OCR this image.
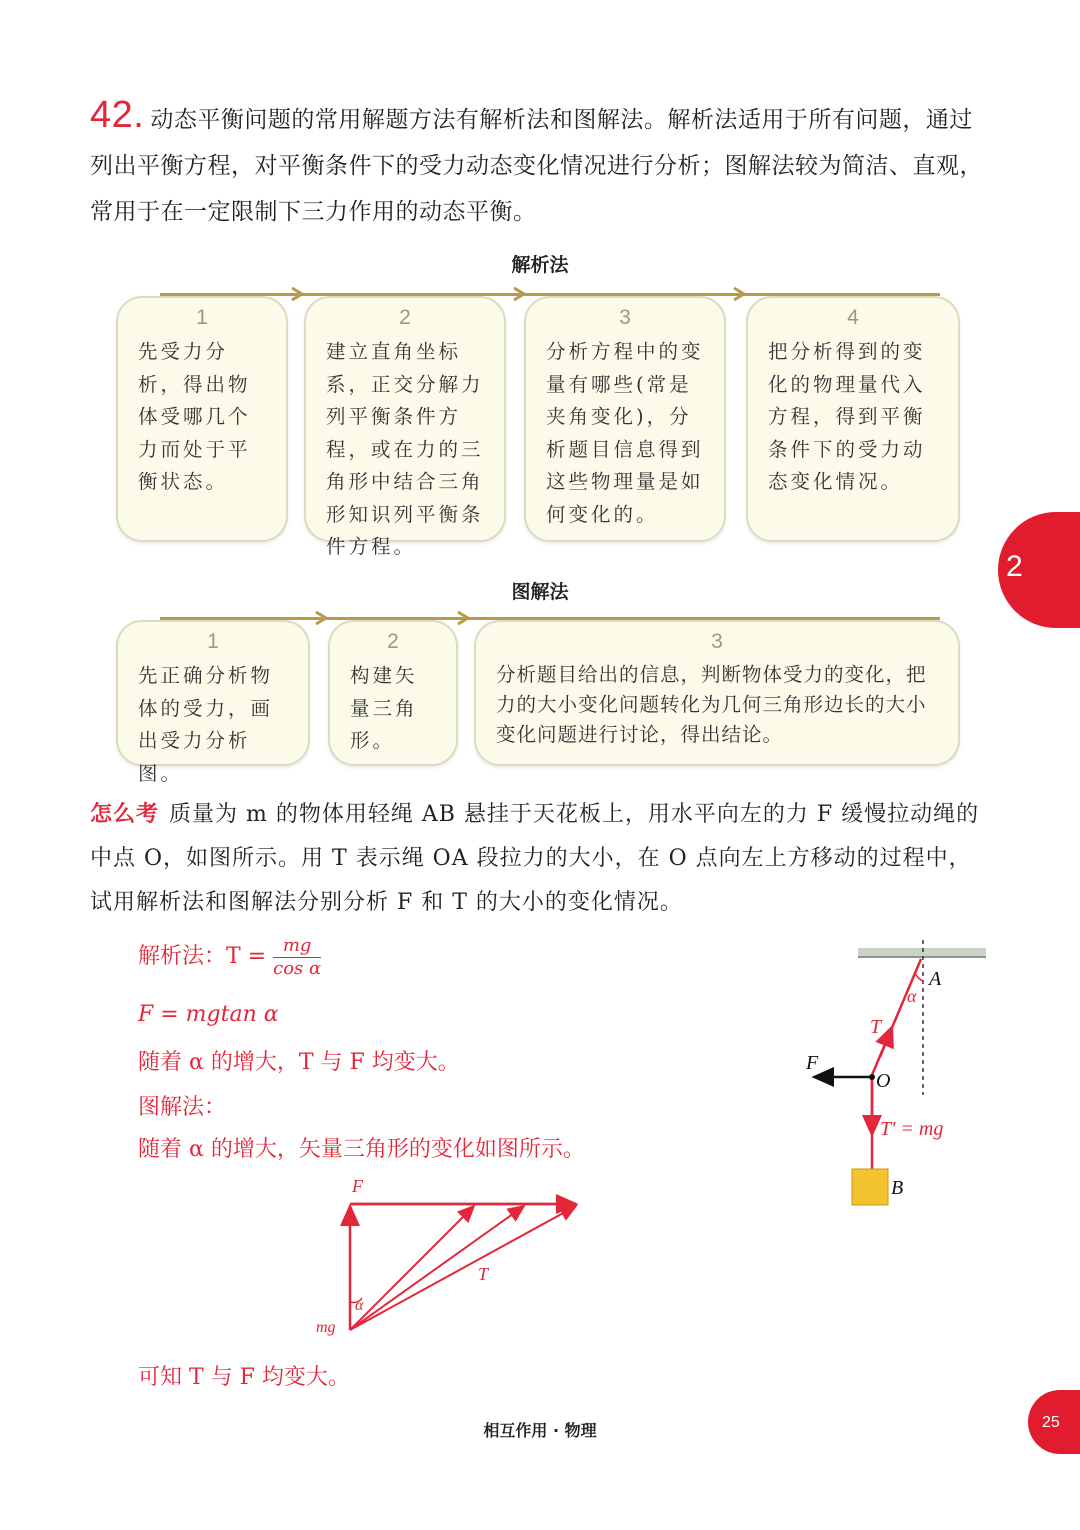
42. 动态平衡问题的常用解题方法有解析法和图解法。解析法适用于所有问题，通过列出平衡方程，对平衡条件下的受力动态变化情况进行分析；图解法较为简洁、直观，常用于在一定限制下三力作用的动态平衡。
解析法
1
先受力分析，得出物体受哪几个力而处于平衡状态。
2
建立直角坐标系，正交分解力列平衡条件方程，或在力的三角形中结合三角形知识列平衡条件方程。
3
分析方程中的变量有哪些(常是夹角变化)，分析题目信息得到这些物理量是如何变化的。
4
把分析得到的变化的物理量代入方程，得到平衡条件下的受力动态变化情况。
图解法
1
先正确分析物体的受力，画出受力分析图。
2
构建矢量三角形。
3
分析题目给出的信息，判断物体受力的变化，把力的大小变化问题转化为几何三角形边长的大小变化问题进行讨论，得出结论。
怎么考 质量为 m 的物体用轻绳 AB 悬挂于天花板上，用水平向左的力 F 缓慢拉动绳的中点 O，如图所示。用 T 表示绳 OA 段拉力的大小，在 O 点向左上方移动的过程中，试用解析法和图解法分别分析 F 和 T 的大小的变化情况。
解析法：$T = \frac{mg}{\text{cos α}}$
F = mgtan α
随着 α 的增大，T 与 F 均变大。
图解法：
随着 α 的增大，矢量三角形的变化如图所示。
可知 T 与 F 均变大。
A
α
T
F
O
T' = mg
B
F
T
α
mg
2
25
相互作用 · 物理
